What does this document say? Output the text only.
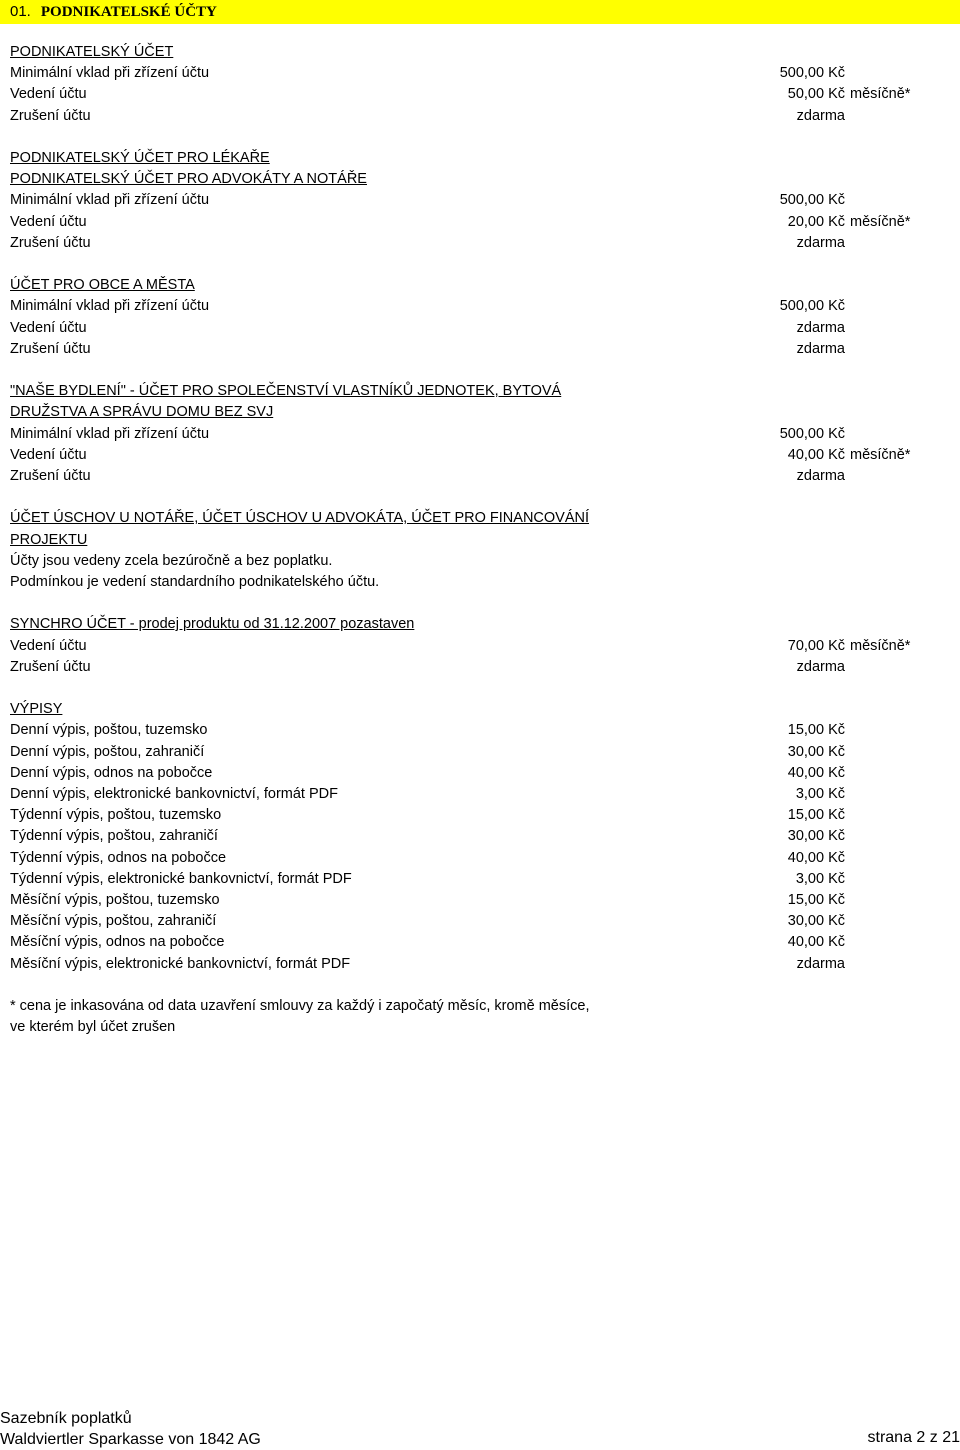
01. PODNIKATELSKÉ ÚČTY
PODNIKATELSKÝ ÚČET
Minimální vklad při zřízení účtu	500,00 Kč
Vedení účtu	50,00 Kč měsíčně*
Zrušení účtu	zdarma
PODNIKATELSKÝ ÚČET PRO LÉKAŘE
PODNIKATELSKÝ ÚČET PRO ADVOKÁTY A NOTÁŘE
Minimální vklad při zřízení účtu	500,00 Kč
Vedení účtu	20,00 Kč měsíčně*
Zrušení účtu	zdarma
ÚČET PRO OBCE A MĚSTA
Minimální vklad při zřízení účtu	500,00 Kč
Vedení účtu	zdarma
Zrušení účtu	zdarma
"NAŠE BYDLENÍ" - ÚČET PRO SPOLEČENSTVÍ VLASTNÍKŮ JEDNOTEK, BYTOVÁ
DRUŽSTVA A SPRÁVU DOMU BEZ SVJ
Minimální vklad při zřízení účtu	500,00 Kč
Vedení účtu	40,00 Kč měsíčně*
Zrušení účtu	zdarma
ÚČET ÚSCHOV U NOTÁŘE, ÚČET ÚSCHOV U ADVOKÁTA, ÚČET PRO FINANCOVÁNÍ
PROJEKTU
Účty jsou vedeny zcela bezúročně a bez poplatku.
Podmínkou je vedení standardního podnikatelského účtu.
SYNCHRO ÚČET - prodej produktu od 31.12.2007 pozastaven
Vedení účtu	70,00 Kč měsíčně*
Zrušení účtu	zdarma
VÝPISY
Denní výpis, poštou, tuzemsko	15,00 Kč
Denní výpis, poštou, zahraničí	30,00 Kč
Denní výpis, odnos na pobočce	40,00 Kč
Denní výpis, elektronické bankovnictví, formát PDF	3,00 Kč
Týdenní výpis, poštou, tuzemsko	15,00 Kč
Týdenní výpis, poštou, zahraničí	30,00 Kč
Týdenní výpis, odnos na pobočce	40,00 Kč
Týdenní výpis, elektronické bankovnictví, formát PDF	3,00 Kč
Měsíční výpis, poštou, tuzemsko	15,00 Kč
Měsíční výpis, poštou, zahraničí	30,00 Kč
Měsíční výpis, odnos na pobočce	40,00 Kč
Měsíční výpis, elektronické bankovnictví, formát PDF	zdarma
* cena je inkasována od data uzavření smlouvy za každý i započatý měsíc, kromě měsíce,
ve kterém byl účet zrušen
Sazebník poplatků
Waldviertler Sparkasse von 1842 AG	strana 2 z 21
